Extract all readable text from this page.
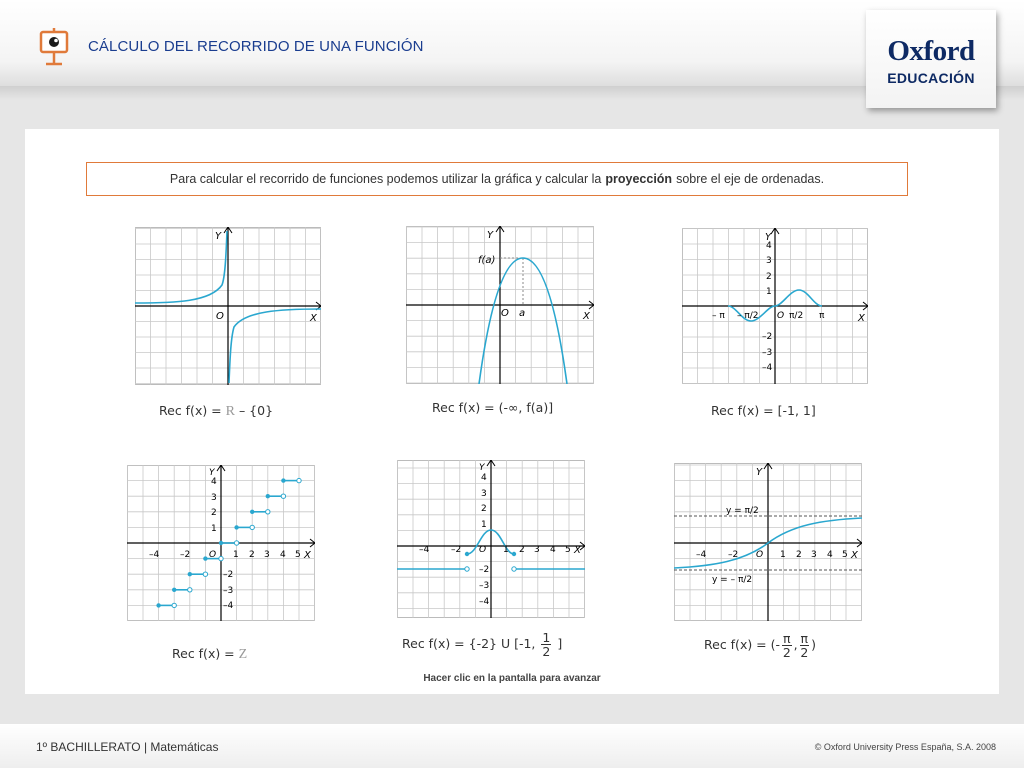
CÁLCULO DEL RECORRIDO DE UNA FUNCIÓN	Oxford
EDUCACIÓN
Para calcular el recorrido de funciones podemos utilizar la gráfica y calcular la proyección sobre el eje de ordenadas.
Y
O	X
Rec f(x) = R – {0}
Y
f(a)
O a	X
Rec f(x) = (-∞, f(a)]
Y
4
3
2
1
–2
–3
–4
– π – π/2 O π/2 π	X
Rec f(x) = [-1, 1]
Y
4
3
2
1
–2
–3
–4
–4 –2 O 1 2 3 4 5 X
Rec f(x) = Z
Y
4
3
2
1
–2
–3
–4
–4 –2 O 1 2 3 4 5 X
Rec f(x) = {-2} U [-1, $\frac{1}{2}$ ]
Y
y = π/2
y = – π/2
–4 –2 O 1 2 3 4 5 X
Rec f(x) = (- $\frac{\pi}{2}$ , $\frac{\pi}{2}$ )
Hacer clic en la pantalla para avanzar
1º BACHILLERATO | Matemáticas	© Oxford University Press España, S.A. 2008
